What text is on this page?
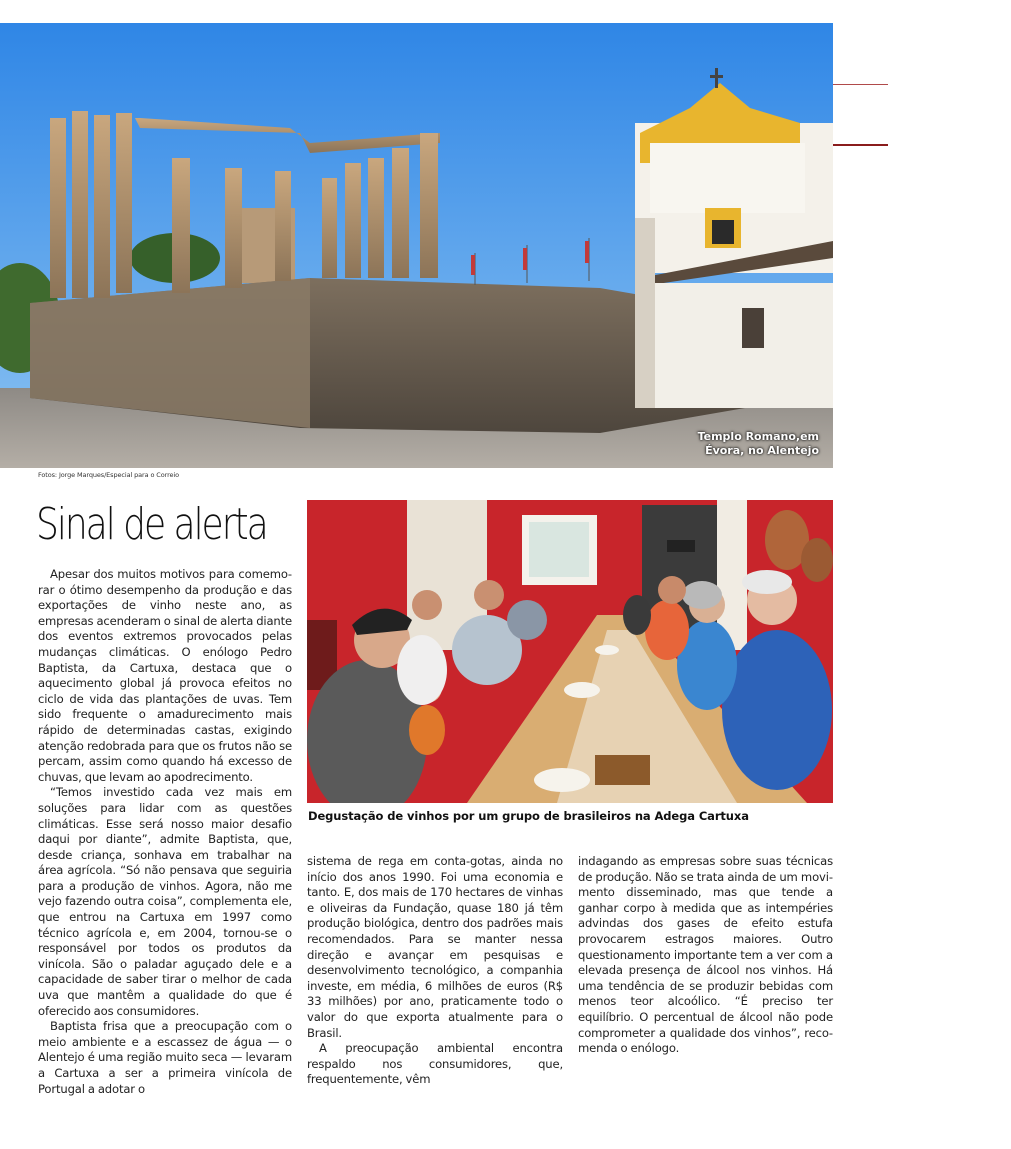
Templo Romano,em
Évora, no Alentejo
Fotos: Jorge Marques/Especial para o Correio
Sinal de alerta
Degustação de vinhos por um grupo de brasileiros na Adega Cartuxa

Apesar dos muitos motivos para comemorar o ótimo desempenho da produção e das exportações de vinho neste ano, as empresas acenderam o sinal de alerta diante dos eventos extremos provocados pelas mudanças climáticas. O enólogo Pedro Baptista, da Cartuxa, destaca que o aquecimento global já provoca efeitos no ciclo de vida das plantações de uvas. Tem sido frequente o amadurecimento mais rápido de determinadas castas, exigindo atenção redobrada para que os frutos não se percam, assim como quando há excesso de chuvas, que levam ao apodrecimento.

“Temos investido cada vez mais em soluções para lidar com as questões climáticas. Esse será nosso maior desafio daqui por diante”, admite Baptista, que, desde criança, sonhava em trabalhar na área agrícola. “Só não pensava que seguiria para a produção de vinhos. Agora, não me vejo fazendo outra coisa”, complementa ele, que entrou na Cartuxa em 1997 como técnico agrícola e, em 2004, tornou-se o responsável por todos os produtos da vinícola. São o paladar aguçado dele e a capacidade de saber tirar o melhor de cada uva que mantêm a qualidade do que é oferecido aos consumidores.

Baptista frisa que a preocupação com o meio ambiente e a escassez de água — o Alentejo é uma região muito seca — levaram a Cartuxa a ser a primeira vinícola de Portugal a adotar o

sistema de rega em conta-gotas, ainda no início dos anos 1990. Foi uma economia e tanto. E, dos mais de 170 hectares de vinhas e oliveiras da Fundação, quase 180 já têm produção biológica, dentro dos padrões mais recomendados. Para se manter nessa direção e avançar em pesquisas e desenvolvimento tecnológico, a companhia investe, em média, 6 milhões de euros (R$ 33 milhões) por ano, praticamente todo o valor do que exporta atualmente para o Brasil.

A preocupação ambiental encontra respaldo nos consumidores, que, frequentemente, vêm

indagando as empresas sobre suas técnicas de produção. Não se trata ainda de um movimento disseminado, mas que tende a ganhar corpo à medida que as intempéries advindas dos gases de efeito estufa provocarem estragos maiores. Outro questionamento importante tem a ver com a elevada presença de álcool nos vinhos. Há uma tendência de se produzir bebidas com menos teor alcoólico. “É preciso ter equilíbrio. O percentual de álcool não pode comprometer a qualidade dos vinhos”, recomenda o enólogo.
